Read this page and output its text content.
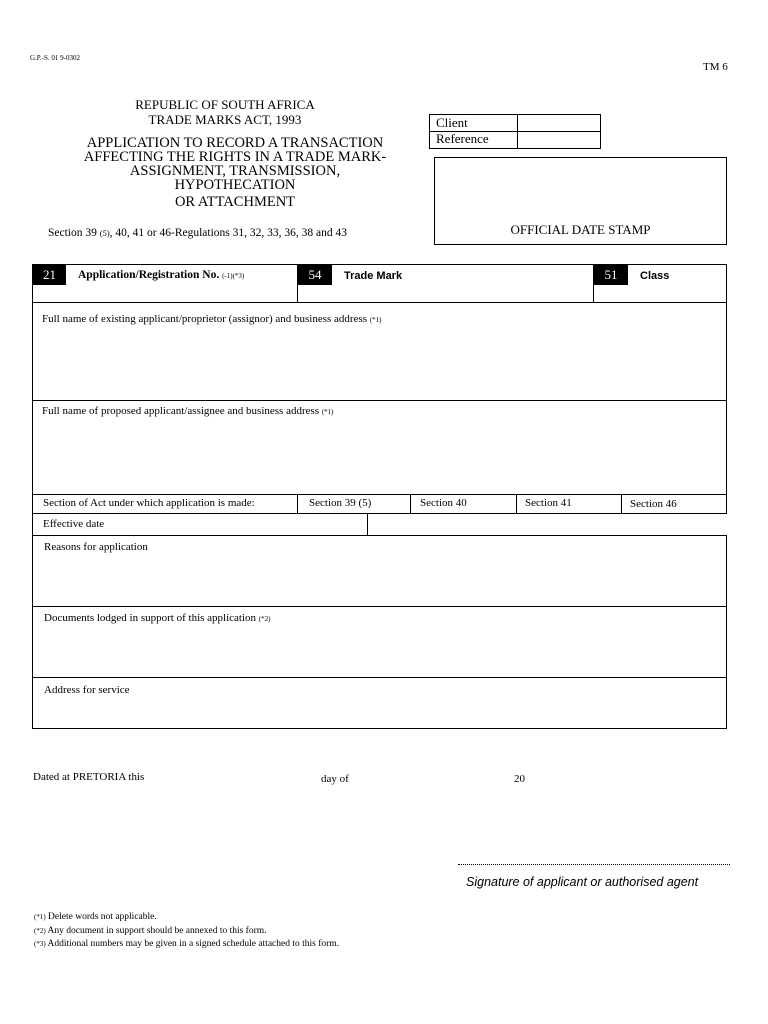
G.P.-S. 01 9-0302
TM 6
REPUBLIC OF SOUTH AFRICA
TRADE MARKS ACT, 1993
APPLICATION TO RECORD A TRANSACTION
AFFECTING THE RIGHTS IN A TRADE MARK-
ASSIGNMENT, TRANSMISSION,
HYPOTHECATION
OR ATTACHMENT
Section 39 (5), 40, 41 or 46-Regulations 31, 32, 33, 36, 38 and 43
Client
Reference
OFFICIAL DATE STAMP
21	Application/Registration No. (-1)(*3)	54	Trade Mark	51	Class
Full name of existing applicant/proprietor (assignor) and business address (*1)
Full name of proposed applicant/assignee and business address (*1)
Section of Act under which application is made:	Section 39 (5)	Section 40	Section 41	Section 46
Effective date
Reasons for application
Documents lodged in support of this application (*2)
Address for service
Dated at PRETORIA this	day of	20
Signature of applicant or authorised agent
(*1) Delete words not applicable.
(*2) Any document in support should be annexed to this form.
(*3) Additional numbers may be given in a signed schedule attached to this form.
